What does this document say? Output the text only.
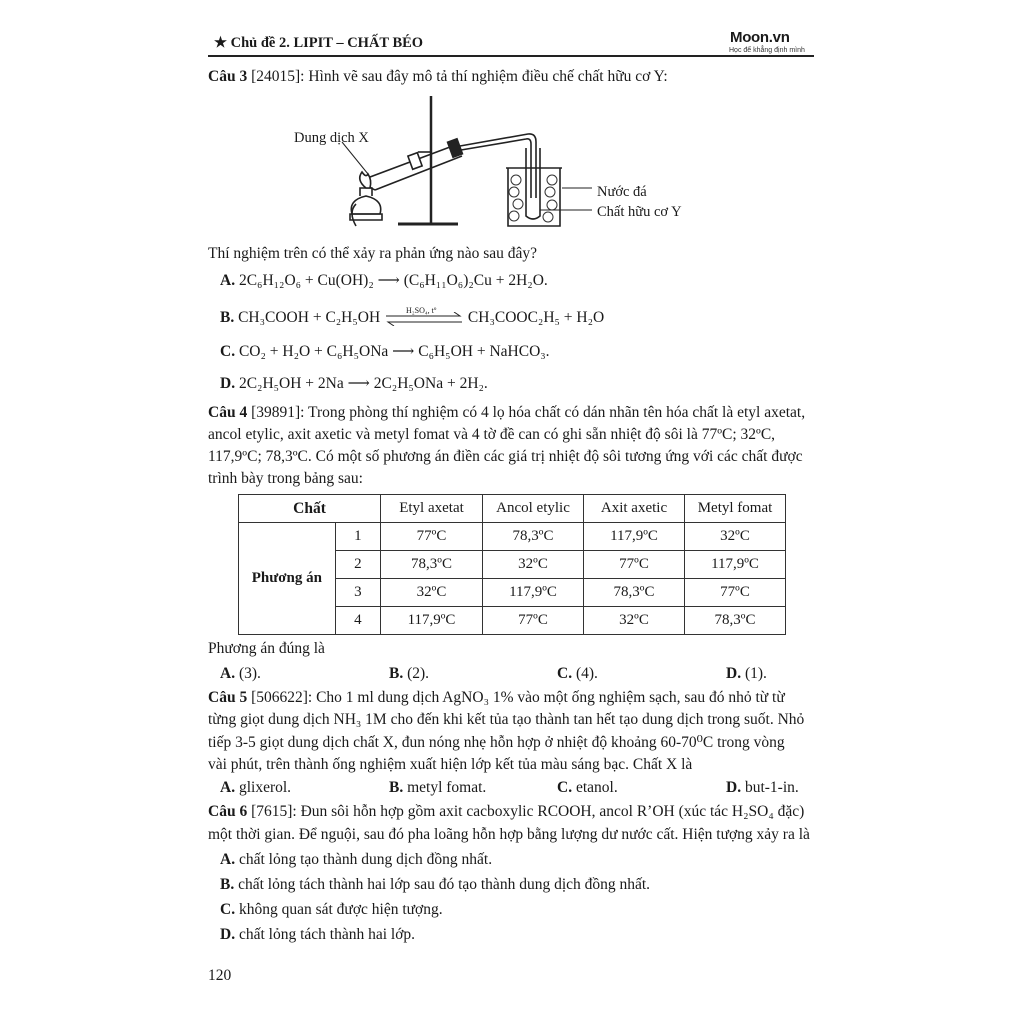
★ Chủ đề 2. LIPIT – CHẤT BÉO	Moon.vn
Học để khẳng định mình
Câu 3 [24015]: Hình vẽ sau đây mô tả thí nghiệm điều chế chất hữu cơ Y:
Dung dịch X
Nước đá
Chất hữu cơ Y
Thí nghiệm trên có thể xảy ra phản ứng nào sau đây?
A. 2C₆H₁₂O₆ + Cu(OH)₂ ⟶ (C₆H₁₁O₆)₂Cu + 2H₂O.
B. CH₃COOH + C₂H₅OH	H₂SO₄, tº CH₃COOC₂H₅ + H₂O
C. CO₂ + H₂O + C₆H₅ONa ⟶ C₆H₅OH + NaHCO₃.
D. 2C₂H₅OH + 2Na ⟶ 2C₂H₅ONa + 2H₂.
Câu 4 [39891]: Trong phòng thí nghiệm có 4 lọ hóa chất có dán nhãn tên hóa chất là etyl axetat,
ancol etylic, axit axetic và metyl fomat và 4 tờ đề can có ghi sẵn nhiệt độ sôi là 77ºC; 32ºC,
117,9ºC; 78,3ºC. Có một số phương án điền các giá trị nhiệt độ sôi tương ứng với các chất được
trình bày trong bảng sau:
Chất		Etyl axetat	Ancol etylic	Axit axetic	Metyl fomat
Phương án	1	77ºC	78,3ºC	117,9ºC	32ºC
	2	78,3ºC	32ºC	77ºC	117,9ºC
	3	32ºC	117,9ºC	78,3ºC	77ºC
	4	117,9ºC	77ºC	32ºC	78,3ºC
Phương án đúng là
A. (3).	B. (2).	C. (4).	D. (1).
Câu 5 [506622]: Cho 1 ml dung dịch AgNO₃ 1% vào một ống nghiệm sạch, sau đó nhỏ từ từ
từng giọt dung dịch NH₃ 1M cho đến khi kết tủa tạo thành tan hết tạo dung dịch trong suốt. Nhỏ
tiếp 3-5 giọt dung dịch chất X, đun nóng nhẹ hỗn hợp ở nhiệt độ khoảng 60-70⁰C trong vòng
vài phút, trên thành ống nghiệm xuất hiện lớp kết tủa màu sáng bạc. Chất X là
A. glixerol.	B. metyl fomat.	C. etanol.	D. but-1-in.
Câu 6 [7615]: Đun sôi hỗn hợp gồm axit cacboxylic RCOOH, ancol R’OH (xúc tác H₂SO₄ đặc)
một thời gian. Để nguội, sau đó pha loãng hỗn hợp bằng lượng dư nước cất. Hiện tượng xảy ra là
A. chất lỏng tạo thành dung dịch đồng nhất.
B. chất lỏng tách thành hai lớp sau đó tạo thành dung dịch đồng nhất.
C. không quan sát được hiện tượng.
D. chất lỏng tách thành hai lớp.
120
